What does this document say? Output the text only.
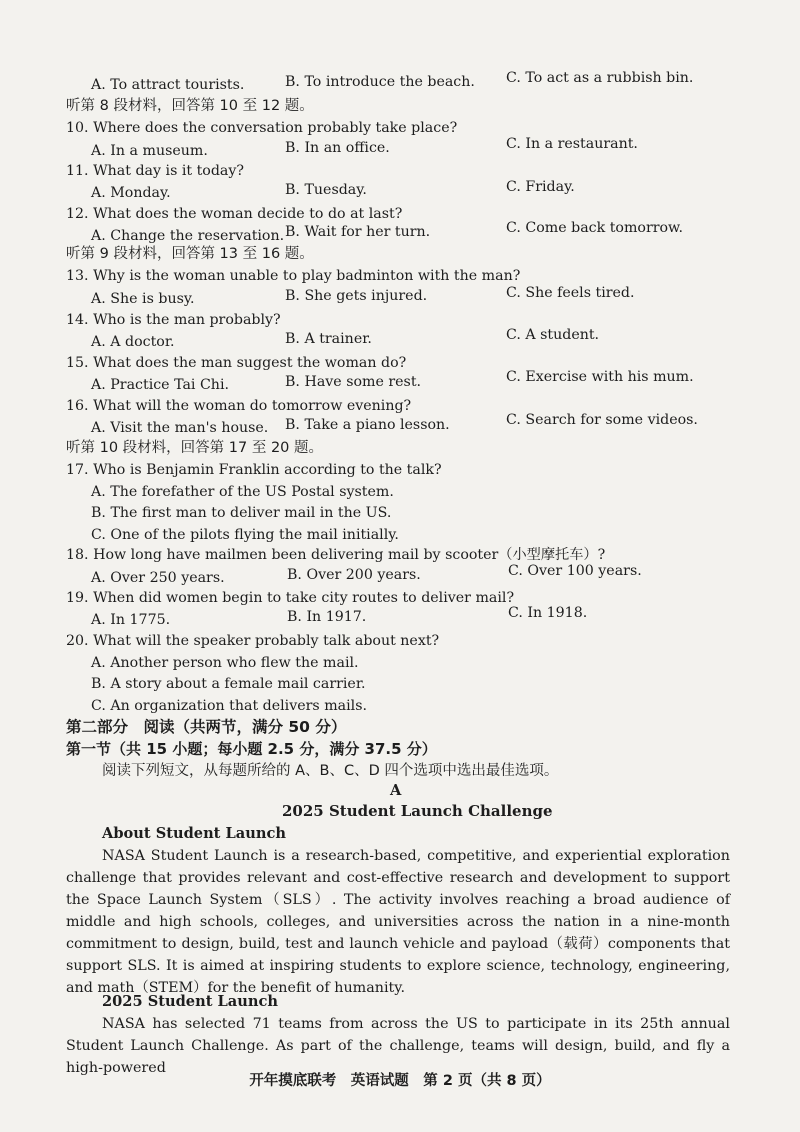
A. To attract tourists.	B. To introduce the beach. C. To act as a rubbish bin.
听第 8 段材料，回答第 10 至 12 题。
10. Where does the conversation probably take place?
A. In a museum.	B. In an office.	C. In a restaurant.
11. What day is it today?
A. Monday.	B. Tuesday.	C. Friday.
12. What does the woman decide to do at last?
A. Change the reservation. B. Wait for her turn.	C. Come back tomorrow.
听第 9 段材料，回答第 13 至 16 题。
13. Why is the woman unable to play badminton with the man?
A. She is busy.	B. She gets injured.	C. She feels tired.
14. Who is the man probably?
A. A doctor.	B. A trainer.	C. A student.
15. What does the man suggest the woman do?
A. Practice Tai Chi.	B. Have some rest.	C. Exercise with his mum.
16. What will the woman do tomorrow evening?
A. Visit the man's house. B. Take a piano lesson.	C. Search for some videos.
听第 10 段材料，回答第 17 至 20 题。
17. Who is Benjamin Franklin according to the talk?
A. The forefather of the US Postal system.
B. The first man to deliver mail in the US.
C. One of the pilots flying the mail initially.
18. How long have mailmen been delivering mail by scooter（小型摩托车）?
A. Over 250 years.	B. Over 200 years.	C. Over 100 years.
19. When did women begin to take city routes to deliver mail?
A. In 1775.	B. In 1917.	C. In 1918.
20. What will the speaker probably talk about next?
A. Another person who flew the mail.
B. A story about a female mail carrier.
C. An organization that delivers mails.
第二部分　阅读（共两节，满分 50 分）
第一节（共 15 小题；每小题 2.5 分，满分 37.5 分）
阅读下列短文，从每题所给的 A、B、C、D 四个选项中选出最佳选项。
A
2025 Student Launch Challenge
About Student Launch
NASA Student Launch is a research-based, competitive, and experiential exploration challenge that provides relevant and cost-effective research and development to support the Space Launch System（SLS）. The activity involves reaching a broad audience of middle and high schools, colleges, and universities across the nation in a nine-month commitment to design, build, test and launch vehicle and payload（载荷）components that support SLS. It is aimed at inspiring students to explore science, technology, engineering, and math（STEM）for the benefit of humanity.
2025 Student Launch
NASA has selected 71 teams from across the US to participate in its 25th annual Student Launch Challenge. As part of the challenge, teams will design, build, and fly a high-powered
开年摸底联考　英语试题　第 2 页（共 8 页）
